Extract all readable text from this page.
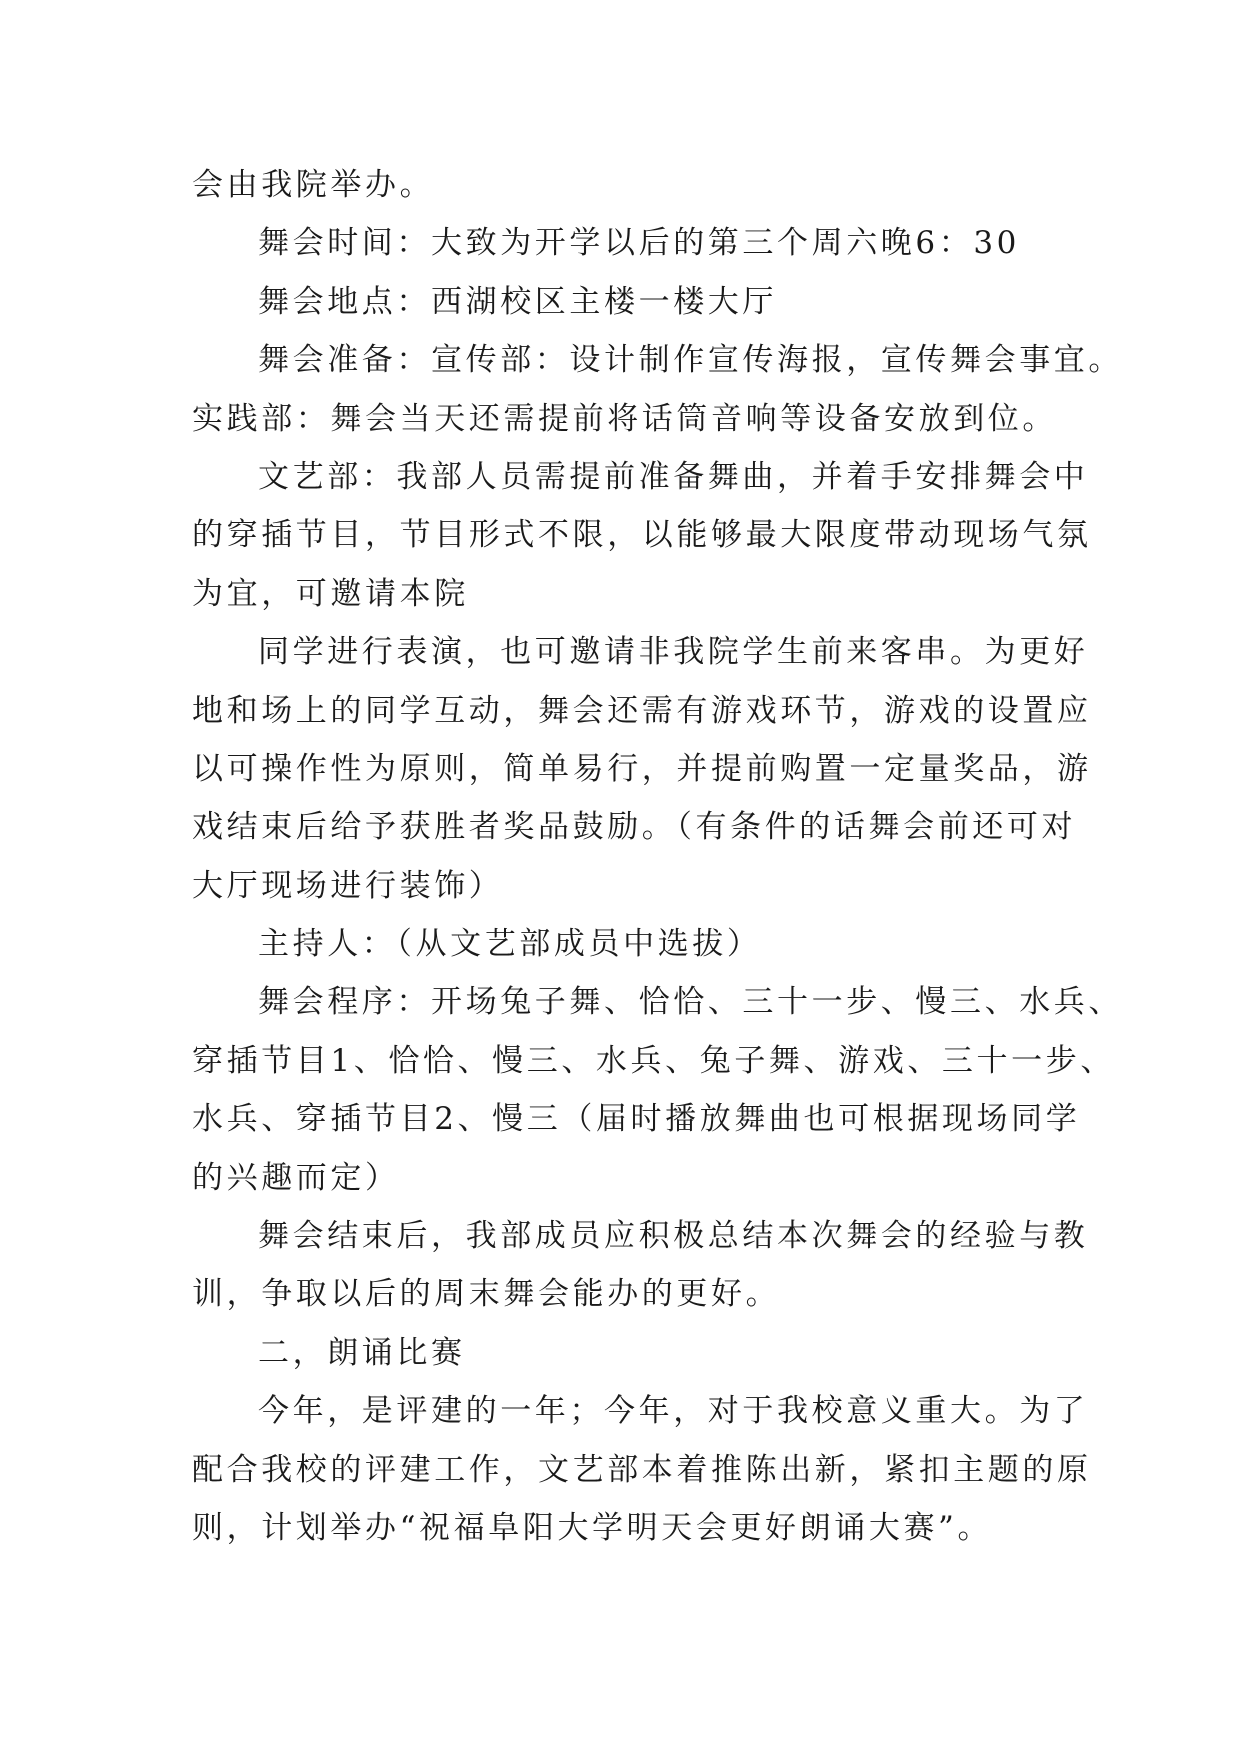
会由我院举办。
舞会时间：大致为开学以后的第三个周六晚6：30
舞会地点：西湖校区主楼一楼大厅
舞会准备：宣传部：设计制作宣传海报，宣传舞会事宜。
实践部：舞会当天还需提前将话筒音响等设备安放到位。
文艺部：我部人员需提前准备舞曲，并着手安排舞会中
的穿插节目，节目形式不限，以能够最大限度带动现场气氛
为宜，可邀请本院
同学进行表演，也可邀请非我院学生前来客串。为更好
地和场上的同学互动，舞会还需有游戏环节，游戏的设置应
以可操作性为原则，简单易行，并提前购置一定量奖品，游
戏结束后给予获胜者奖品鼓励。（有条件的话舞会前还可对
大厅现场进行装饰）
主持人：（从文艺部成员中选拔）
舞会程序：开场兔子舞、恰恰、三十一步、慢三、水兵、
穿插节目1、恰恰、慢三、水兵、兔子舞、游戏、三十一步、
水兵、穿插节目2、慢三（届时播放舞曲也可根据现场同学
的兴趣而定）
舞会结束后，我部成员应积极总结本次舞会的经验与教
训，争取以后的周末舞会能办的更好。
二，朗诵比赛
今年，是评建的一年；今年，对于我校意义重大。为了
配合我校的评建工作，文艺部本着推陈出新，紧扣主题的原
则，计划举办“祝福阜阳大学明天会更好朗诵大赛”。
